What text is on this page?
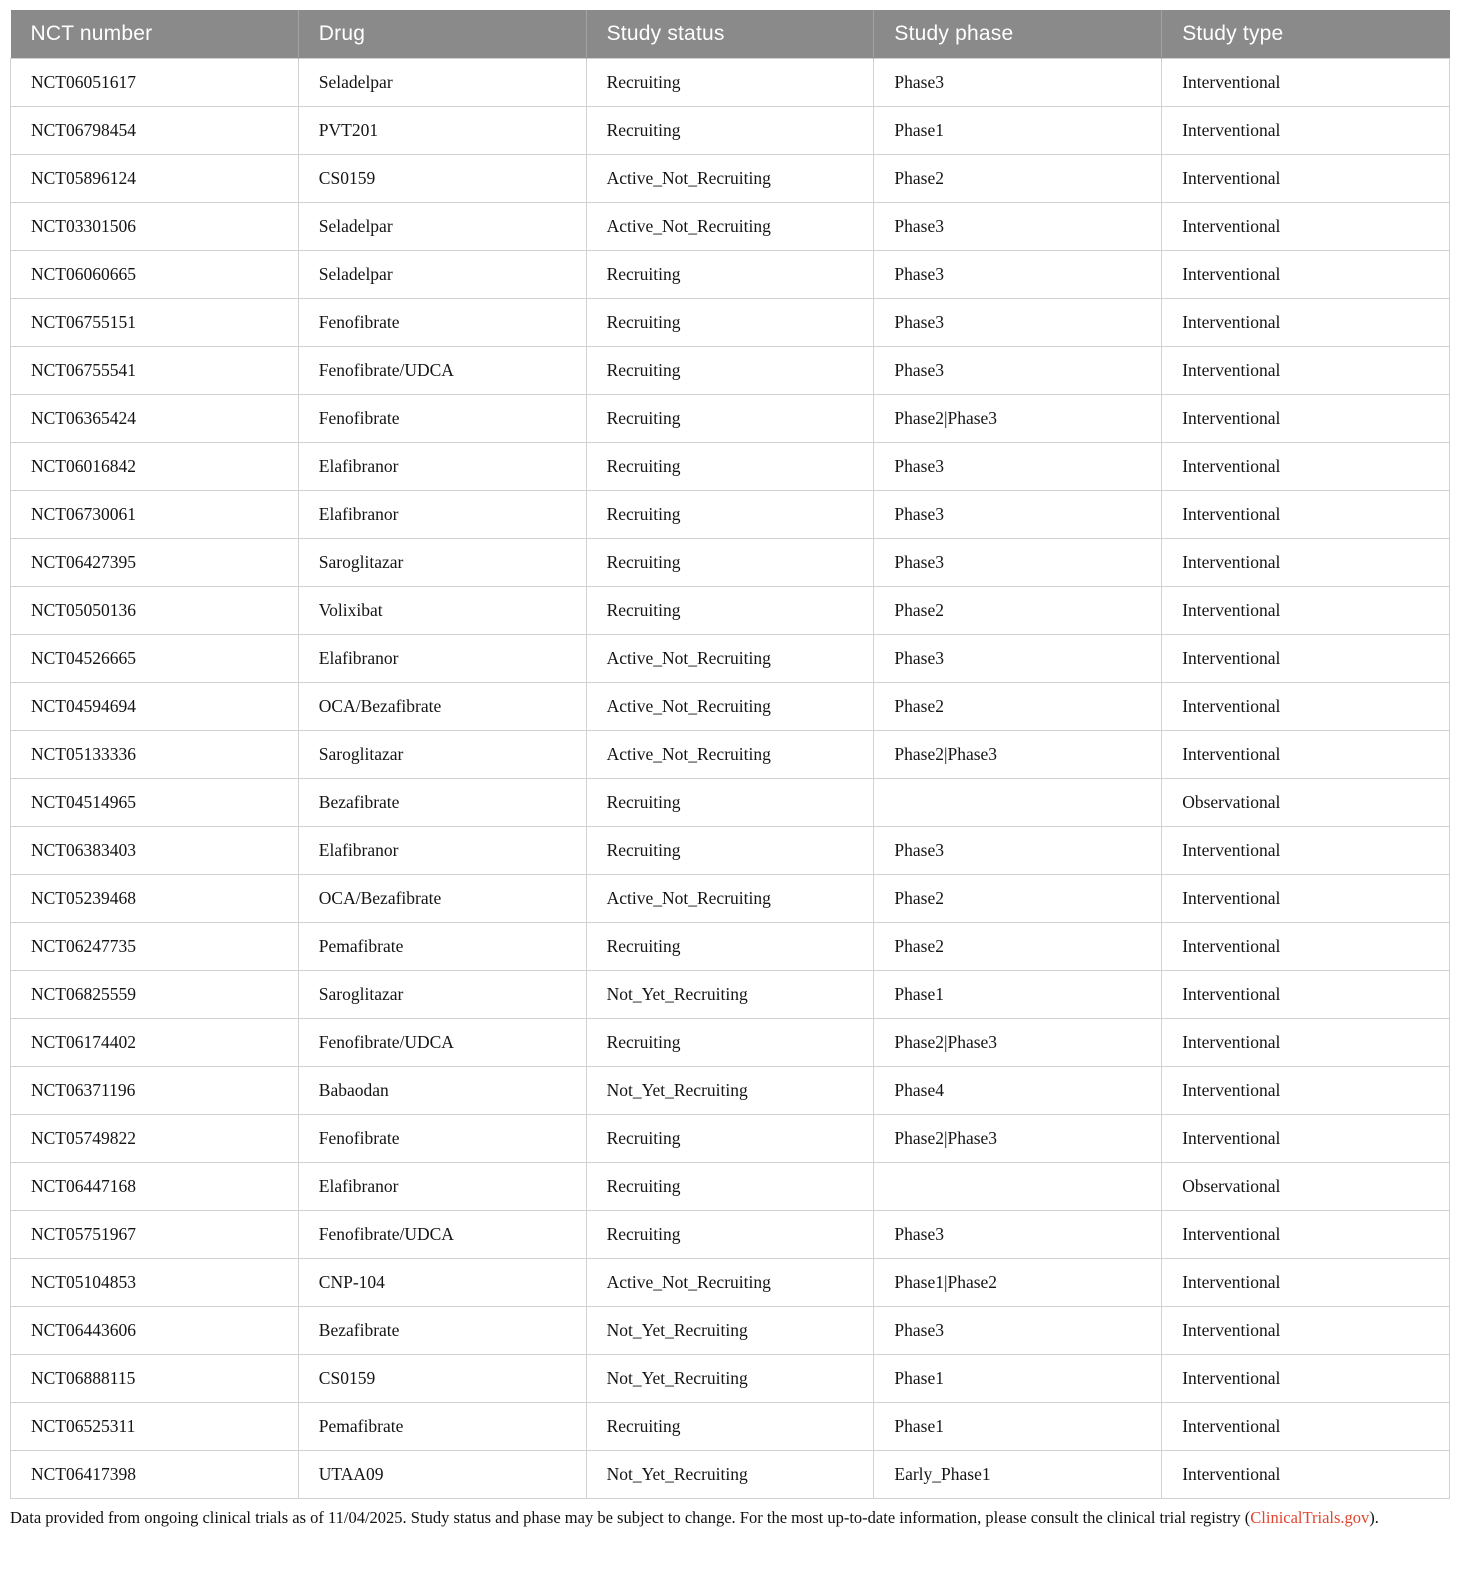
NCT number	Drug	Study status	Study phase	Study type
NCT06051617	Seladelpar	Recruiting	Phase3	Interventional
NCT06798454	PVT201	Recruiting	Phase1	Interventional
NCT05896124	CS0159	Active_Not_Recruiting	Phase2	Interventional
NCT03301506	Seladelpar	Active_Not_Recruiting	Phase3	Interventional
NCT06060665	Seladelpar	Recruiting	Phase3	Interventional
NCT06755151	Fenofibrate	Recruiting	Phase3	Interventional
NCT06755541	Fenofibrate/UDCA	Recruiting	Phase3	Interventional
NCT06365424	Fenofibrate	Recruiting	Phase2|Phase3	Interventional
NCT06016842	Elafibranor	Recruiting	Phase3	Interventional
NCT06730061	Elafibranor	Recruiting	Phase3	Interventional
NCT06427395	Saroglitazar	Recruiting	Phase3	Interventional
NCT05050136	Volixibat	Recruiting	Phase2	Interventional
NCT04526665	Elafibranor	Active_Not_Recruiting	Phase3	Interventional
NCT04594694	OCA/Bezafibrate	Active_Not_Recruiting	Phase2	Interventional
NCT05133336	Saroglitazar	Active_Not_Recruiting	Phase2|Phase3	Interventional
NCT04514965	Bezafibrate	Recruiting		Observational
NCT06383403	Elafibranor	Recruiting	Phase3	Interventional
NCT05239468	OCA/Bezafibrate	Active_Not_Recruiting	Phase2	Interventional
NCT06247735	Pemafibrate	Recruiting	Phase2	Interventional
NCT06825559	Saroglitazar	Not_Yet_Recruiting	Phase1	Interventional
NCT06174402	Fenofibrate/UDCA	Recruiting	Phase2|Phase3	Interventional
NCT06371196	Babaodan	Not_Yet_Recruiting	Phase4	Interventional
NCT05749822	Fenofibrate	Recruiting	Phase2|Phase3	Interventional
NCT06447168	Elafibranor	Recruiting		Observational
NCT05751967	Fenofibrate/UDCA	Recruiting	Phase3	Interventional
NCT05104853	CNP-104	Active_Not_Recruiting	Phase1|Phase2	Interventional
NCT06443606	Bezafibrate	Not_Yet_Recruiting	Phase3	Interventional
NCT06888115	CS0159	Not_Yet_Recruiting	Phase1	Interventional
NCT06525311	Pemafibrate	Recruiting	Phase1	Interventional
NCT06417398	UTAA09	Not_Yet_Recruiting	Early_Phase1	Interventional

Data provided from ongoing clinical trials as of 11/04/2025. Study status and phase may be subject to change. For the most up-to-date information, please consult the clinical trial registry (ClinicalTrials.gov).
